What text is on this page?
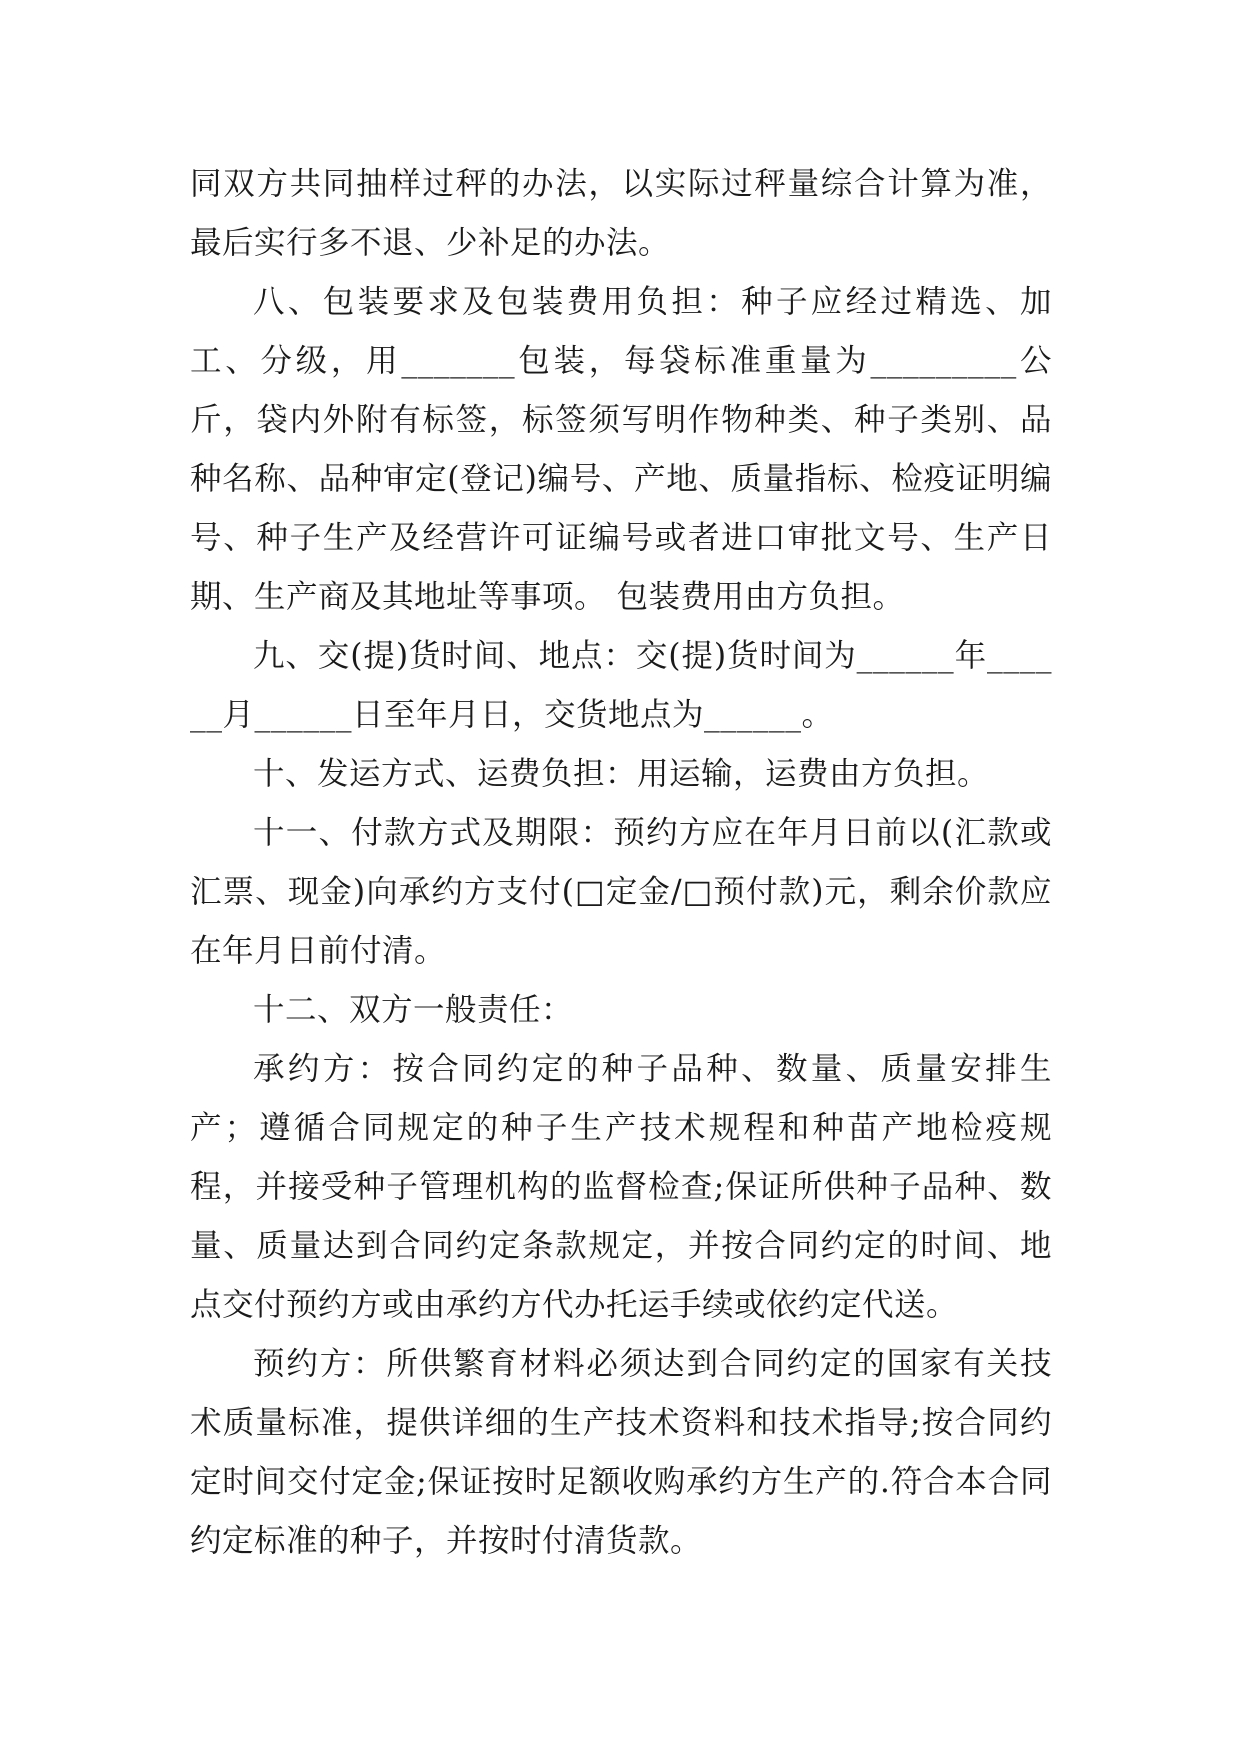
同双方共同抽样过秤的办法，以实际过秤量综合计算为准，最后实行多不退、少补足的办法。

八、包装要求及包装费用负担：种子应经过精选、加工、分级，用_______包装，每袋标准重量为_________公斤，袋内外附有标签，标签须写明作物种类、种子类别、品种名称、品种审定(登记)编号、产地、质量指标、检疫证明编号、种子生产及经营许可证编号或者进口审批文号、生产日期、生产商及其地址等事项。 包装费用由方负担。

九、交(提)货时间、地点：交(提)货时间为______年______月______日至年月日，交货地点为______。

十、发运方式、运费负担：用运输，运费由方负担。

十一、付款方式及期限：预约方应在年月日前以(汇款或汇票、现金)向承约方支付(□定金/□预付款)元，剩余价款应在年月日前付清。

十二、双方一般责任：

承约方：按合同约定的种子品种、数量、质量安排生产；遵循合同规定的种子生产技术规程和种苗产地检疫规程，并接受种子管理机构的监督检查;保证所供种子品种、数量、质量达到合同约定条款规定，并按合同约定的时间、地点交付预约方或由承约方代办托运手续或依约定代送。

预约方：所供繁育材料必须达到合同约定的国家有关技术质量标准，提供详细的生产技术资料和技术指导;按合同约定时间交付定金;保证按时足额收购承约方生产的.符合本合同约定标准的种子，并按时付清货款。
